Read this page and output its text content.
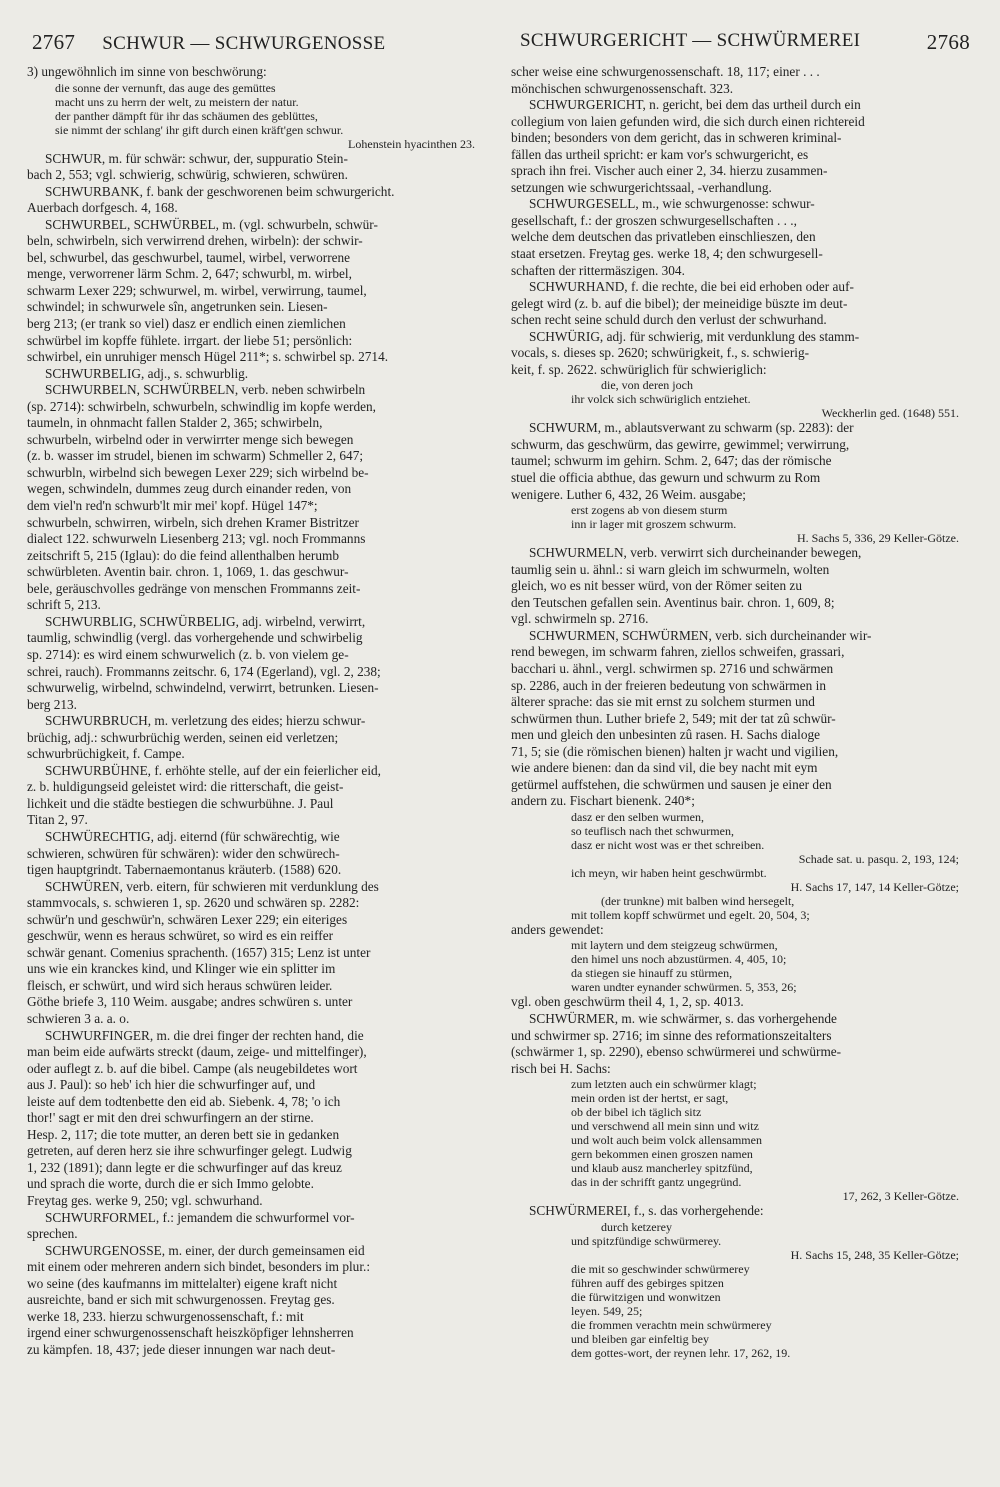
2767 SCHWUR — SCHWURGENOSSE	SCHWURGERICHT — SCHWÜRMEREI	2768
3) ungewöhnlich im sinne von beschwörung:
die sonne der vernunft, das auge des gemüttes
macht uns zu herrn der welt, zu meistern der natur.
der panther dämpft für ihr das schäumen des geblüttes,
sie nimmt der schlang' ihr gift durch einen kräft'gen schwur.
Lohenstein hyacinthen 23.
SCHWUR, m. für schwär: schwur, der, suppuratio Stein-
bach 2, 553; vgl. schwierig, schwürig, schwieren, schwüren.
SCHWURBANK, f. bank der geschworenen beim schwurgericht.
Auerbach dorfgesch. 4, 168.
SCHWURBEL, SCHWÜRBEL, m. (vgl. schwurbeln, schwür-
beln, schwirbeln, sich verwirrend drehen, wirbeln): der schwir-
bel, schwurbel, das geschwurbel, taumel, wirbel, verworrene
menge, verworrener lärm Schm. 2, 647; schwurbl, m. wirbel,
schwarm Lexer 229; schwurwel, m. wirbel, verwirrung, taumel,
schwindel; in schwurwele sîn, angetrunken sein. Liesen-
berg 213; (er trank so viel) dasz er endlich einen ziemlichen
schwürbel im kopffe fühlete. irrgart. der liebe 51; persönlich:
schwirbel, ein unruhiger mensch Hügel 211*; s. schwirbel sp. 2714.
SCHWURBELIG, adj., s. schwurblig.
SCHWURBELN, SCHWÜRBELN, verb. neben schwirbeln
(sp. 2714): schwirbeln, schwurbeln, schwindlig im kopfe werden,
taumeln, in ohnmacht fallen Stalder 2, 365; schwirbeln,
schwurbeln, wirbelnd oder in verwirrter menge sich bewegen
(z. b. wasser im strudel, bienen im schwarm) Schmeller 2, 647;
schwurbln, wirbelnd sich bewegen Lexer 229; sich wirbelnd be-
wegen, schwindeln, dummes zeug durch einander reden, von
dem viel'n red'n schwurb'lt mir mei' kopf. Hügel 147*;
schwurbeln, schwirren, wirbeln, sich drehen Kramer Bistritzer
dialect 122. schwurweln Liesenberg 213; vgl. noch Frommanns
zeitschrift 5, 215 (Iglau): do die feind allenthalben herumb
schwürbleten. Aventin bair. chron. 1, 1069, 1. das geschwur-
bele, geräuschvolles gedränge von menschen Frommanns zeit-
schrift 5, 213.
SCHWURBLIG, SCHWÜRBELIG, adj. wirbelnd, verwirrt,
taumlig, schwindlig (vergl. das vorhergehende und schwirbelig
sp. 2714): es wird einem schwurwelich (z. b. von vielem ge-
schrei, rauch). Frommanns zeitschr. 6, 174 (Egerland), vgl. 2, 238;
schwurwelig, wirbelnd, schwindelnd, verwirrt, betrunken. Liesen-
berg 213.
SCHWURBRUCH, m. verletzung des eides; hierzu schwur-
brüchig, adj.: schwurbrüchig werden, seinen eid verletzen;
schwurbrüchigkeit, f. Campe.
SCHWURBÜHNE, f. erhöhte stelle, auf der ein feierlicher eid,
z. b. huldigungseid geleistet wird: die ritterschaft, die geist-
lichkeit und die städte bestiegen die schwurbühne. J. Paul
Titan 2, 97.
SCHWÜRECHTIG, adj. eiternd (für schwärechtig, wie
schwieren, schwüren für schwären): wider den schwürech-
tigen hauptgrindt. Tabernaemontanus kräuterb. (1588) 620.
SCHWÜREN, verb. eitern, für schwieren mit verdunklung des
stammvocals, s. schwieren 1, sp. 2620 und schwären sp. 2282:
schwür'n und geschwür'n, schwären Lexer 229; ein eiteriges
geschwür, wenn es heraus schwüret, so wird es ein reiffer
schwär genant. Comenius sprachenth. (1657) 315; Lenz ist unter
uns wie ein kranckes kind, und Klinger wie ein splitter im
fleisch, er schwürt, und wird sich heraus schwüren leider.
Göthe briefe 3, 110 Weim. ausgabe; andres schwüren s. unter
schwieren 3 a. a. o.
SCHWURFINGER, m. die drei finger der rechten hand, die
man beim eide aufwärts streckt (daum, zeige- und mittelfinger),
oder auflegt z. b. auf die bibel. Campe (als neugebildetes wort
aus J. Paul): so heb' ich hier die schwurfinger auf, und
leiste auf dem todtenbette den eid ab. Siebenk. 4, 78; 'o ich
thor!' sagt er mit den drei schwurfingern an der stirne.
Hesp. 2, 117; die tote mutter, an deren bett sie in gedanken
getreten, auf deren herz sie ihre schwurfinger gelegt. Ludwig
1, 232 (1891); dann legte er die schwurfinger auf das kreuz
und sprach die worte, durch die er sich Immo gelobte.
Freytag ges. werke 9, 250; vgl. schwurhand.
SCHWURFORMEL, f.: jemandem die schwurformel vor-
sprechen.
SCHWURGENOSSE, m. einer, der durch gemeinsamen eid
mit einem oder mehreren andern sich bindet, besonders im plur.:
wo seine (des kaufmanns im mittelalter) eigene kraft nicht
ausreichte, band er sich mit schwurgenossen. Freytag ges.
werke 18, 233. hierzu schwurgenossenschaft, f.: mit
irgend einer schwurgenossenschaft heiszköpfiger lehnsherren
zu kämpfen. 18, 437; jede dieser innungen war nach deut-
scher weise eine schwurgenossenschaft. 18, 117; einer . . .
mönchischen schwurgenossenschaft. 323.
SCHWURGERICHT, n. gericht, bei dem das urtheil durch ein
collegium von laien gefunden wird, die sich durch einen richtereid
binden; besonders von dem gericht, das in schweren kriminal-
fällen das urtheil spricht: er kam vor's schwurgericht, es
sprach ihn frei. Vischer auch einer 2, 34. hierzu zusammen-
setzungen wie schwurgerichtssaal, -verhandlung.
SCHWURGESELL, m., wie schwurgenosse: schwur-
gesellschaft, f.: der groszen schwurgesellschaften . . .,
welche dem deutschen das privatleben einschlieszen, den
staat ersetzen. Freytag ges. werke 18, 4; den schwurgesell-
schaften der rittermäszigen. 304.
SCHWURHAND, f. die rechte, die bei eid erhoben oder auf-
gelegt wird (z. b. auf die bibel); der meineidige büszte im deut-
schen recht seine schuld durch den verlust der schwurhand.
SCHWÜRIG, adj. für schwierig, mit verdunklung des stamm-
vocals, s. dieses sp. 2620; schwürigkeit, f., s. schwierig-
keit, f. sp. 2622. schwüriglich für schwieriglich:
die, von deren joch
ihr volck sich schwüriglich entziehet.
Weckherlin ged. (1648) 551.
SCHWURM, m., ablautsverwant zu schwarm (sp. 2283): der
schwurm, das geschwürm, das gewirre, gewimmel; verwirrung,
taumel; schwurm im gehirn. Schm. 2, 647; das der römische
stuel die officia abthue, das gewurn und schwurm zu Rom
wenigere. Luther 6, 432, 26 Weim. ausgabe;
erst zogens ab von diesem sturm
inn ir lager mit groszem schwurm.
H. Sachs 5, 336, 29 Keller-Götze.
SCHWURMELN, verb. verwirrt sich durcheinander bewegen,
taumlig sein u. ähnl.: si warn gleich im schwurmeln, wolten
gleich, wo es nit besser würd, von der Römer seiten zu
den Teutschen gefallen sein. Aventinus bair. chron. 1, 609, 8;
vgl. schwirmeln sp. 2716.
SCHWURMEN, SCHWÜRMEN, verb. sich durcheinander wir-
rend bewegen, im schwarm fahren, ziellos schweifen, grassari,
bacchari u. ähnl., vergl. schwirmen sp. 2716 und schwärmen
sp. 2286, auch in der freieren bedeutung von schwärmen in
älterer sprache: das sie mit ernst zu solchem sturmen und
schwürmen thun. Luther briefe 2, 549; mit der tat zû schwür-
men und gleich den unbesinten zû rasen. H. Sachs dialoge
71, 5; sie (die römischen bienen) halten jr wacht und vigilien,
wie andere bienen: dan da sind vil, die bey nacht mit eym
getürmel auffstehen, die schwürmen und sausen je einer den
andern zu. Fischart bienenk. 240*;
dasz er den selben wurmen,
so teuflisch nach thet schwurmen,
dasz er nicht wost was er thet schreiben.
Schade sat. u. pasqu. 2, 193, 124;
ich meyn, wir haben heint geschwürmbt.
H. Sachs 17, 147, 14 Keller-Götze;
(der trunkne) mit balben wind hersegelt,
mit tollem kopff schwürmet und egelt. 20, 504, 3;
anders gewendet:
mit laytern und dem steigzeug schwürmen,
den himel uns noch abzustürmen. 4, 405, 10;
da stiegen sie hinauff zu stürmen,
waren undter eynander schwürmen. 5, 353, 26;
vgl. oben geschwürm theil 4, 1, 2, sp. 4013.
SCHWÜRMER, m. wie schwärmer, s. das vorhergehende
und schwirmer sp. 2716; im sinne des reformationszeitalters
(schwärmer 1, sp. 2290), ebenso schwürmerei und schwürme-
risch bei H. Sachs:
zum letzten auch ein schwürmer klagt;
mein orden ist der hertst, er sagt,
ob der bibel ich täglich sitz
und verschwend all mein sinn und witz
und wolt auch beim volck allensammen
gern bekommen einen groszen namen
und klaub ausz mancherley spitzfünd,
das in der schrifft gantz ungegründ.
17, 262, 3 Keller-Götze.
SCHWÜRMEREI, f., s. das vorhergehende:
durch ketzerey
und spitzfündige schwürmerey.
H. Sachs 15, 248, 35 Keller-Götze;
die mit so geschwinder schwürmerey
führen auff des gebirges spitzen
die fürwitzigen und wonwitzen
leyen. 549, 25;
die frommen verachtn mein schwürmerey
und bleiben gar einfeltig bey
dem gottes-wort, der reynen lehr. 17, 262, 19.
